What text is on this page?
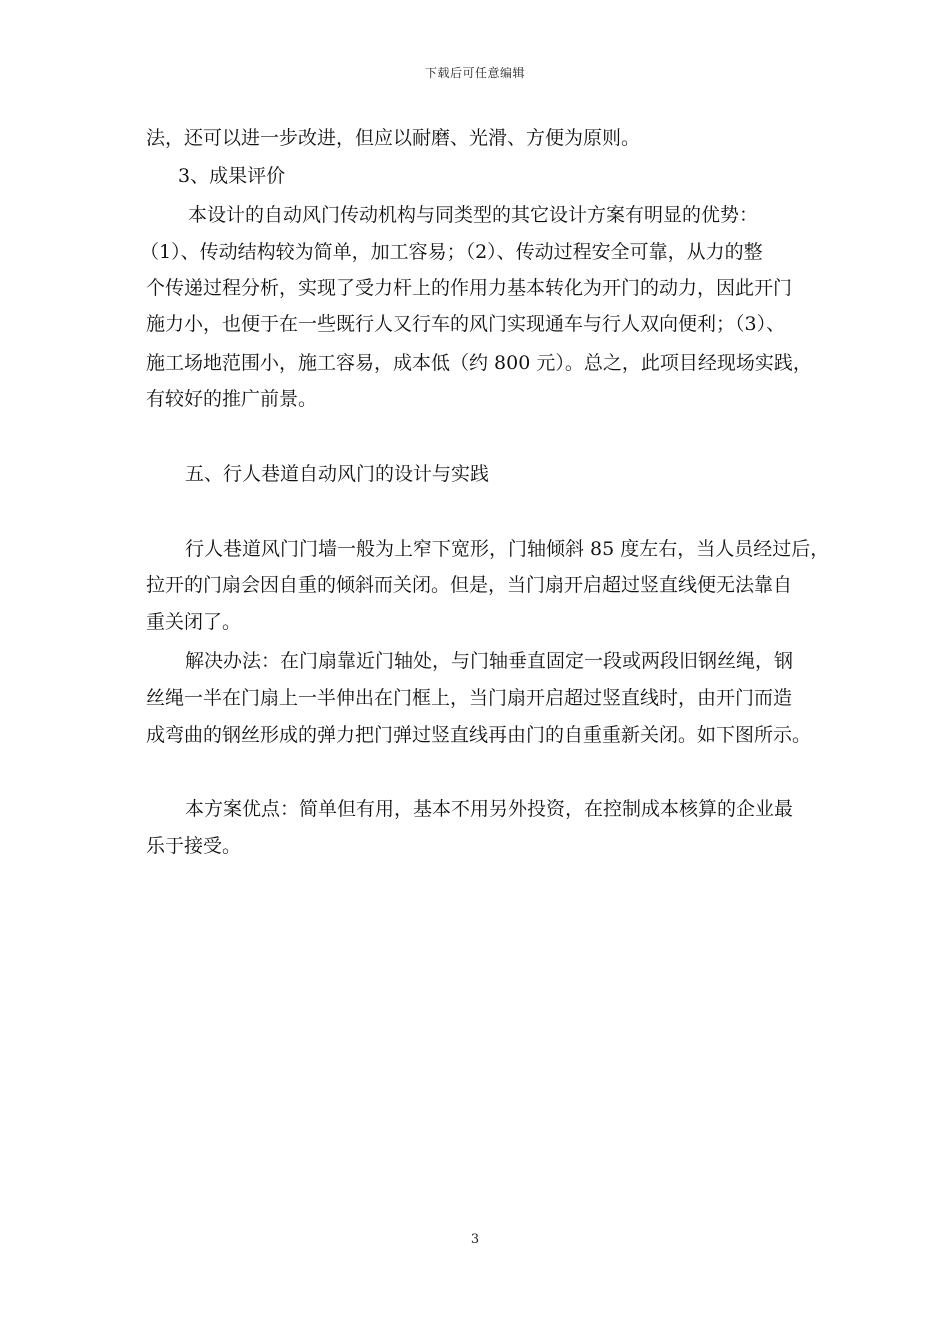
下载后可任意编辑
法，还可以进一步改进，但应以耐磨、光滑、方便为原则。
3、成果评价
本设计的自动风门传动机构与同类型的其它设计方案有明显的优势：
（1）、传动结构较为简单，加工容易；（2）、传动过程安全可靠，从力的整
个传递过程分析，实现了受力杆上的作用力基本转化为开门的动力，因此开门
施力小，也便于在一些既行人又行车的风门实现通车与行人双向便利；（3）、
施工场地范围小，施工容易，成本低（约 800 元）。总之，此项目经现场实践，
有较好的推广前景。
五、行人巷道自动风门的设计与实践
行人巷道风门门墙一般为上窄下宽形，门轴倾斜 85 度左右，当人员经过后，
拉开的门扇会因自重的倾斜而关闭。但是，当门扇开启超过竖直线便无法靠自
重关闭了。
解决办法：在门扇靠近门轴处，与门轴垂直固定一段或两段旧钢丝绳，钢
丝绳一半在门扇上一半伸出在门框上，当门扇开启超过竖直线时，由开门而造
成弯曲的钢丝形成的弹力把门弹过竖直线再由门的自重重新关闭。如下图所示。
本方案优点：简单但有用，基本不用另外投资，在控制成本核算的企业最
乐于接受。
3
